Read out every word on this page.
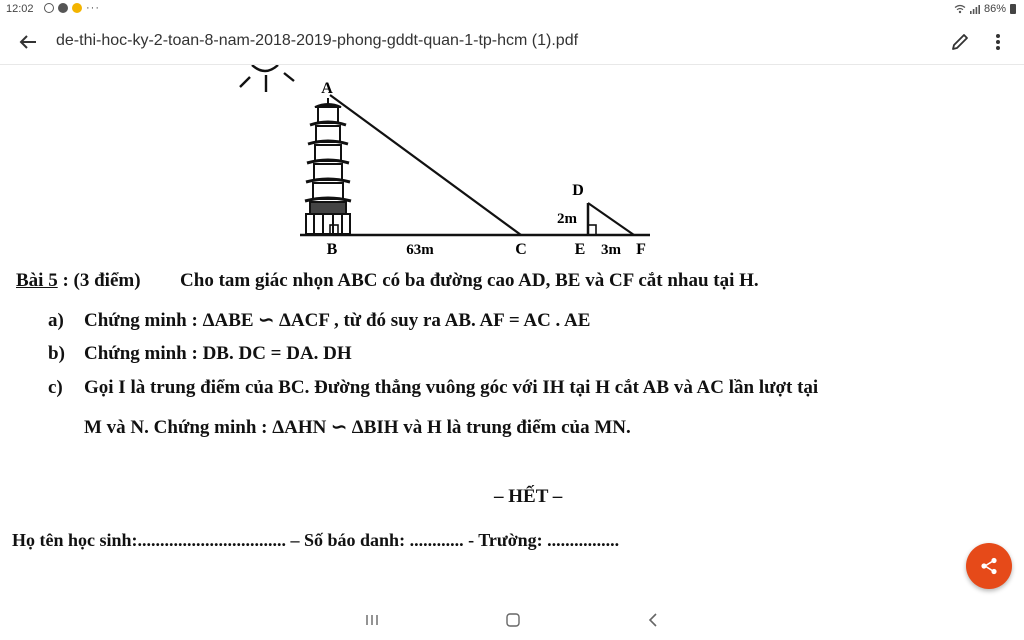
12:02	···	86%
de-thi-hoc-ky-2-toan-8-nam-2018-2019-phong-gddt-quan-1-tp-hcm (1).pdf
A
B	C
D
E	F
63m
2m
3m
Bài 5 : (3 điểm) Cho tam giác nhọn ABC có ba đường cao AD, BE và CF cắt nhau tại H.
a) Chứng minh : ΔABE ∽ ΔACF , từ đó suy ra AB. AF = AC . AE
b) Chứng minh : DB. DC = DA. DH
c) Gọi I là trung điểm của BC. Đường thẳng vuông góc với IH tại H cắt AB và AC lần lượt tại
M và N. Chứng minh : ΔAHN ∽ ΔBIH và H là trung điểm của MN.
– HẾT –
Họ tên học sinh:................................. – Số báo danh: ............ - Trường: ................
